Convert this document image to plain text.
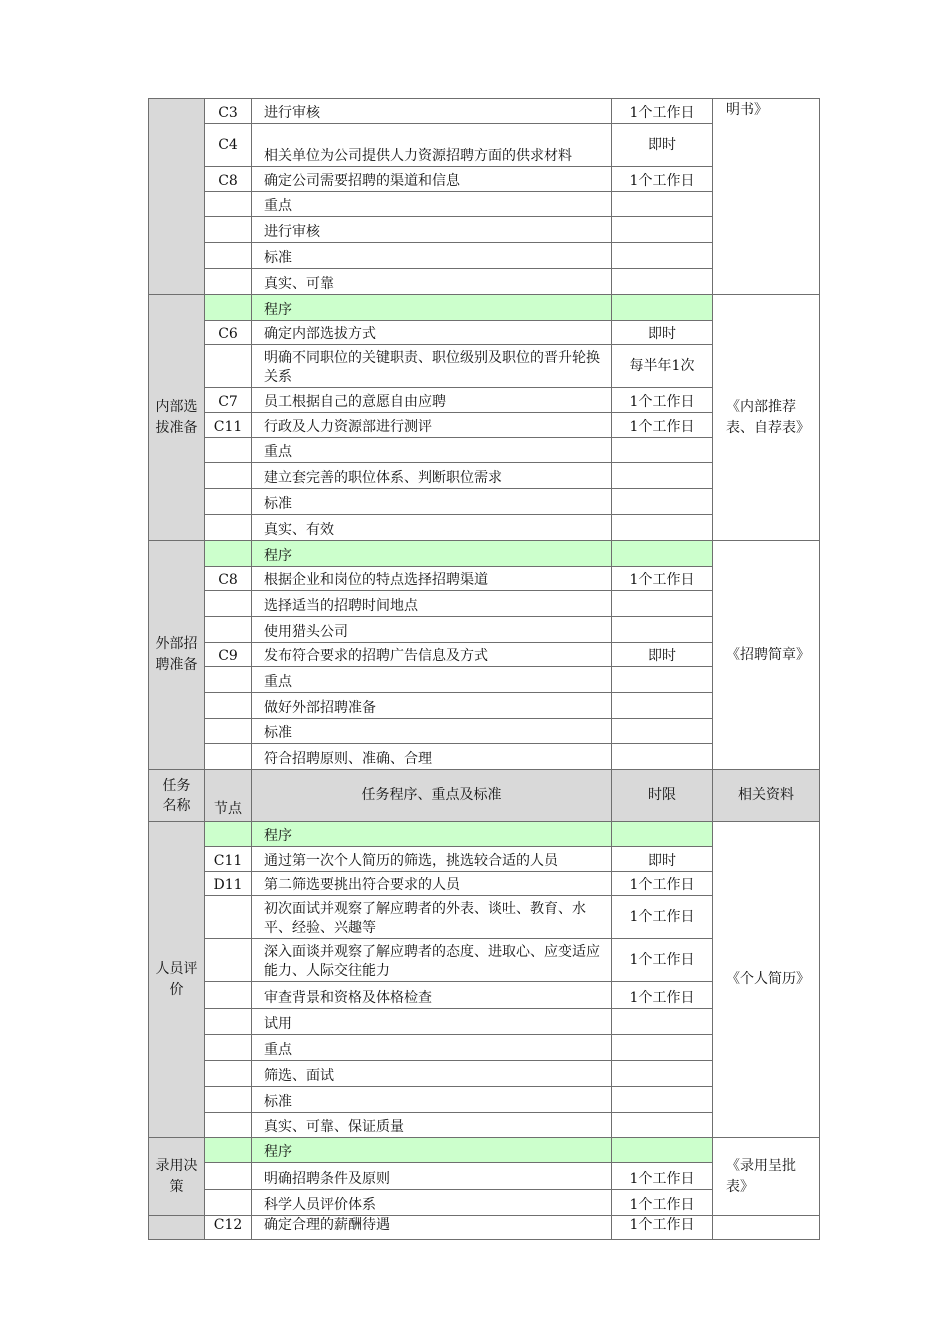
	C3	进行审核	1个工作日	明书》
	C4	相关单位为公司提供人力资源招聘方面的供求材料	即时	
	C8	确定公司需要招聘的渠道和信息	1个工作日	
		重点		
		进行审核		
		标准		
		真实、可靠		
内部选拔准备		程序		《内部推荐表、自荐表》
	C6	确定内部选拔方式	即时	
		明确不同职位的关键职责、职位级别及职位的晋升轮换关系	每半年1次	
	C7	员工根据自己的意愿自由应聘	1个工作日	
	C11	行政及人力资源部进行测评	1个工作日	
		重点		
		建立套完善的职位体系、判断职位需求		
		标准		
		真实、有效		
外部招聘准备		程序		《招聘简章》
	C8	根据企业和岗位的特点选择招聘渠道	1个工作日	
		选择适当的招聘时间地点		
		使用猎头公司		
	C9	发布符合要求的招聘广告信息及方式	即时	
		重点		
		做好外部招聘准备		
		标准		
		符合招聘原则、准确、合理		
任务名称	节点	任务程序、重点及标准	时限	相关资料
人员评价		程序		《个人简历》
	C11	通过第一次个人简历的筛选，挑选较合适的人员	即时	
	D11	第二筛选要挑出符合要求的人员	1个工作日	
		初次面试并观察了解应聘者的外表、谈吐、教育、水平、经验、兴趣等	1个工作日	
		深入面谈并观察了解应聘者的态度、进取心、应变适应能力、人际交往能力	1个工作日	
		审查背景和资格及体格检查	1个工作日	
		试用		
		重点		
		筛选、面试		
		标准		
		真实、可靠、保证质量		
录用决策		程序		《录用呈批表》
		明确招聘条件及原则	1个工作日	
		科学人员评价体系	1个工作日	
	C12	确定合理的薪酬待遇	1个工作日	
